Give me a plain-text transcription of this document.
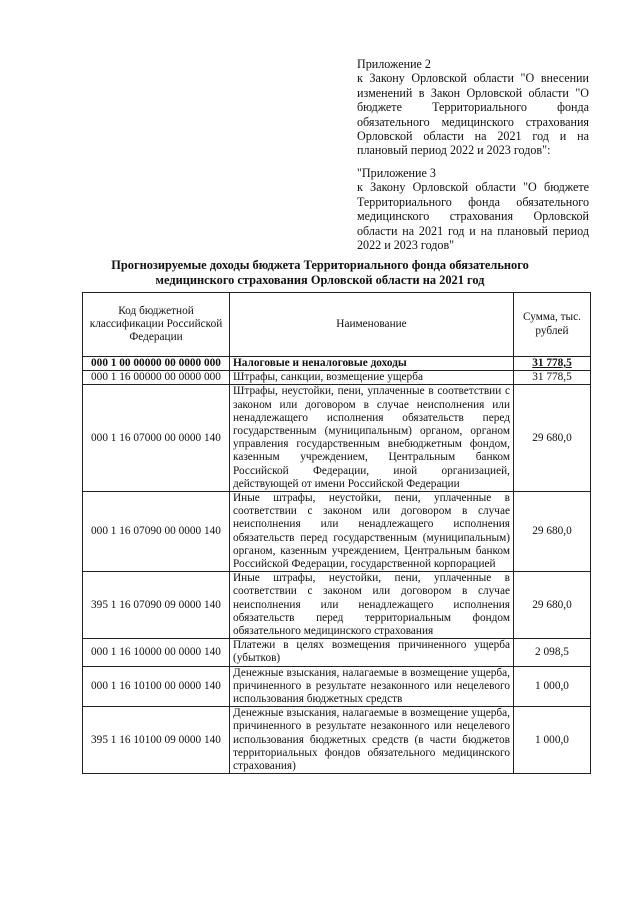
Приложение 2
к Закону Орловской области "О внесении изменений в Закон Орловской области "О бюджете Территориального фонда обязательного медицинского страхования Орловской области на 2021 год и на плановый период 2022 и 2023 годов":
"Приложение 3
к Закону Орловской области "О бюджете Территориального фонда обязательного медицинского страхования Орловской области на 2021 год и на плановый период 2022 и 2023 годов"
Прогнозируемые доходы бюджета Территориального фонда обязательного медицинского страхования Орловской области на 2021 год
Код бюджетной классификации Российской Федерации	Наименование	Сумма, тыс. рублей
000 1 00 00000 00 0000 000	Налоговые и неналоговые доходы	31 778,5
000 1 16 00000 00 0000 000	Штрафы, санкции, возмещение ущерба	31 778,5
000 1 16 07000 00 0000 140	Штрафы, неустойки, пени, уплаченные в соответствии с законом или договором в случае неисполнения или ненадлежащего исполнения обязательств перед государственным (муниципальным) органом, органом управления государственным внебюджетным фондом, казенным учреждением, Центральным банком Российской Федерации, иной организацией, действующей от имени Российской Федерации	29 680,0
000 1 16 07090 00 0000 140	Иные штрафы, неустойки, пени, уплаченные в соответствии с законом или договором в случае неисполнения или ненадлежащего исполнения обязательств перед государственным (муниципальным) органом, казенным учреждением, Центральным банком Российской Федерации, государственной корпорацией	29 680,0
395 1 16 07090 09 0000 140	Иные штрафы, неустойки, пени, уплаченные в соответствии с законом или договором в случае неисполнения или ненадлежащего исполнения обязательств перед территориальным фондом обязательного медицинского страхования	29 680,0
000 1 16 10000 00 0000 140	Платежи в целях возмещения причиненного ущерба (убытков)	2 098,5
000 1 16 10100 00 0000 140	Денежные взыскания, налагаемые в возмещение ущерба, причиненного в результате незаконного или нецелевого использования бюджетных средств	1 000,0
395 1 16 10100 09 0000 140	Денежные взыскания, налагаемые в возмещение ущерба, причиненного в результате незаконного или нецелевого использования бюджетных средств (в части бюджетов территориальных фондов обязательного медицинского страхования)	1 000,0
